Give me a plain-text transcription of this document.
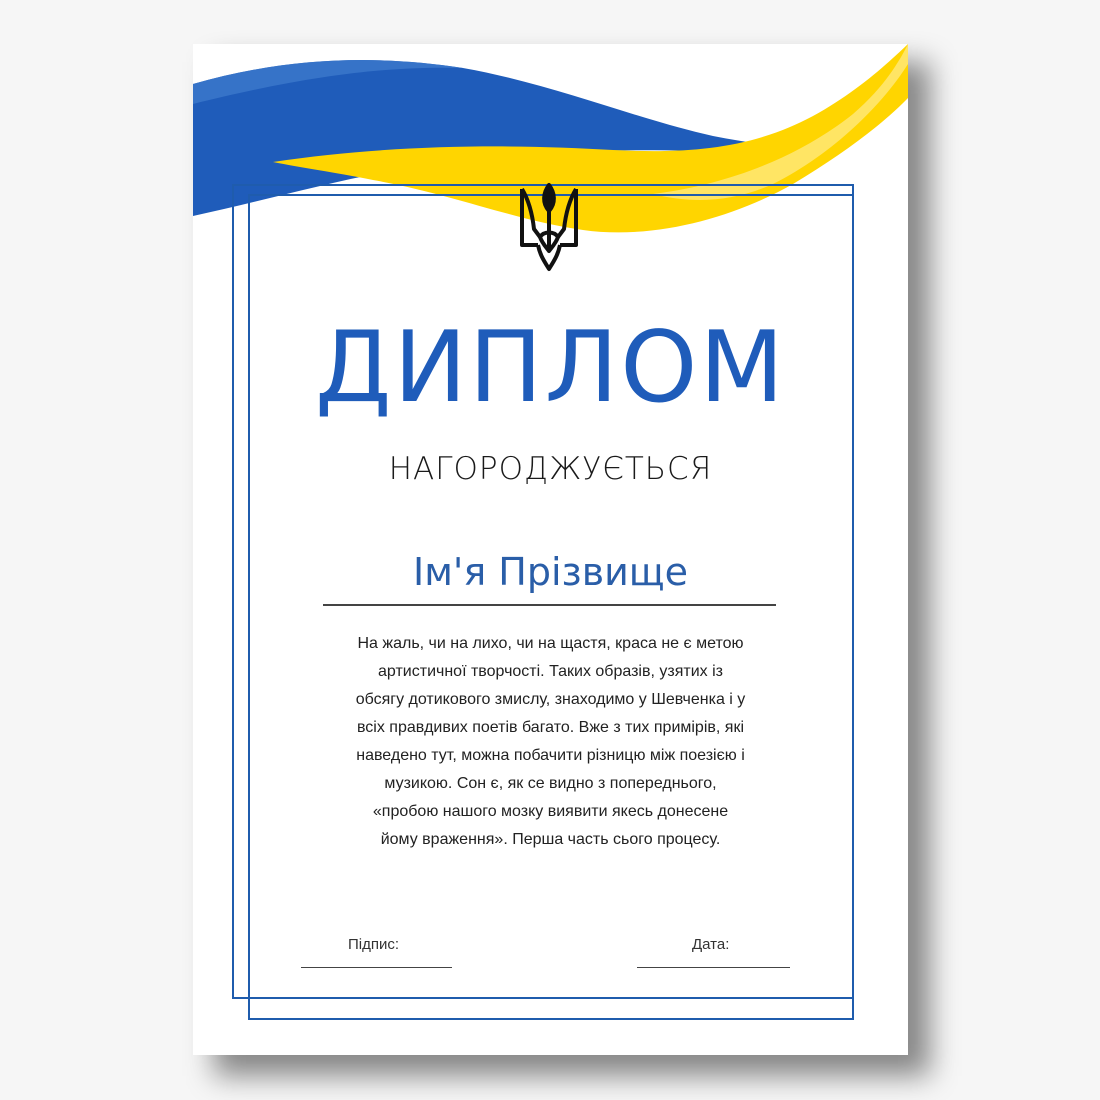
ДИПЛОМ
НАГОРОДЖУЄТЬСЯ
Ім'я Прізвище
На жаль, чи на лихо, чи на щастя, краса не є метою
артистичної творчості. Таких образів, узятих із
обсягу дотикового змислу, знаходимо у Шевченка і у
всіх правдивих поетів багато. Вже з тих примірів, які
наведено тут, можна побачити різницю між поезією і
музикою. Сон є, як се видно з попереднього,
«пробою нашого мозку виявити якесь донесене
йому враження». Перша часть сього процесу.
Підпис:	Дата:
